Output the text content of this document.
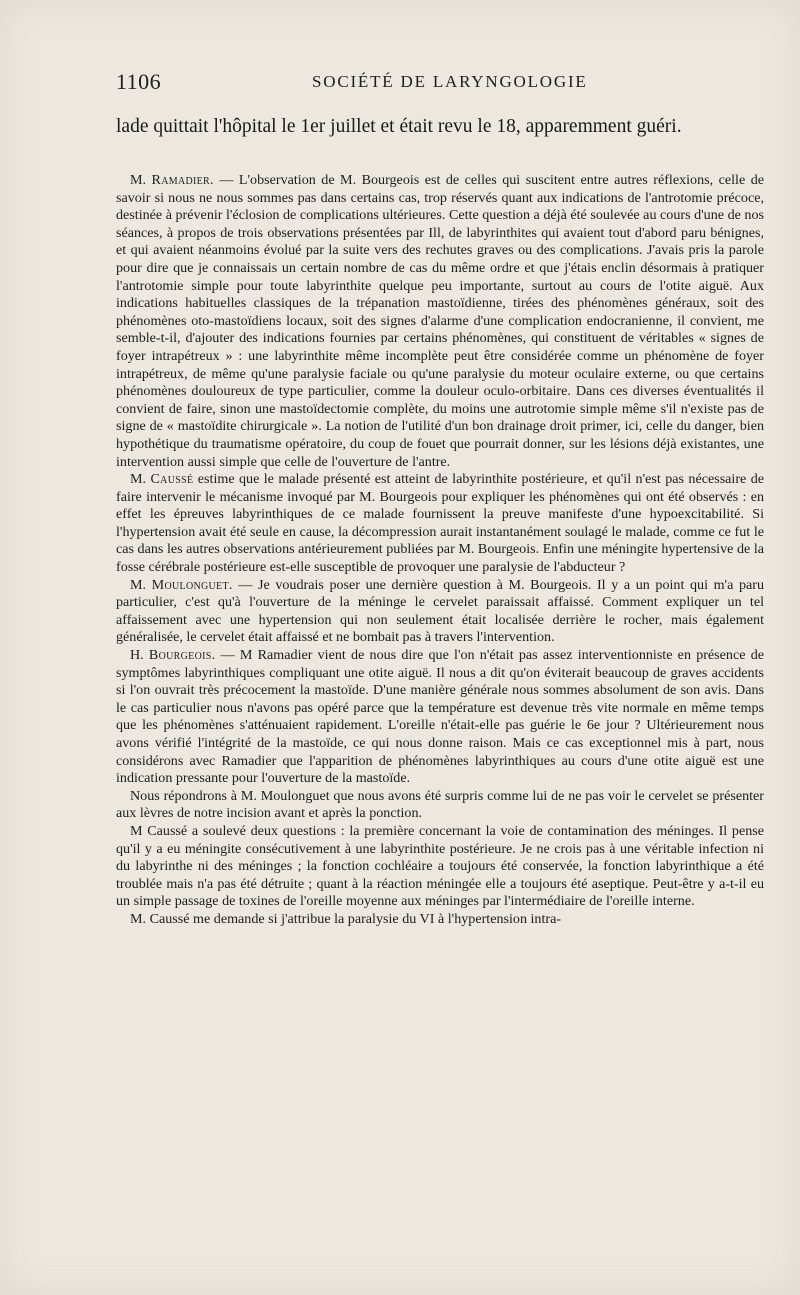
1106	SOCIÉTÉ DE LARYNGOLOGIE

lade quittait l'hôpital le 1er juillet et était revu le 18, apparemment guéri.

M. Ramadier. — L'observation de M. Bourgeois est de celles qui suscitent entre autres réflexions, celle de savoir si nous ne nous sommes pas dans certains cas, trop réservés quant aux indications de l'antrotomie précoce, destinée à prévenir l'éclosion de complications ultérieures. Cette question a déjà été soulevée au cours d'une de nos séances, à propos de trois observations présentées par Ill, de labyrinthites qui avaient tout d'abord paru bénignes, et qui avaient néanmoins évolué par la suite vers des rechutes graves ou des complications. J'avais pris la parole pour dire que je connaissais un certain nombre de cas du même ordre et que j'étais enclin désormais à pratiquer l'antrotomie simple pour toute labyrinthite quelque peu importante, surtout au cours de l'otite aiguë. Aux indications habituelles classiques de la trépanation mastoïdienne, tirées des phénomènes généraux, soit des phénomènes oto-mastoïdiens locaux, soit des signes d'alarme d'une complication endocranienne, il convient, me semble-t-il, d'ajouter des indications fournies par certains phénomènes, qui constituent de véritables « signes de foyer intrapétreux » : une labyrinthite même incomplète peut être considérée comme un phénomène de foyer intrapétreux, de même qu'une paralysie faciale ou qu'une paralysie du moteur oculaire externe, ou que certains phénomènes douloureux de type particulier, comme la douleur oculo-orbitaire. Dans ces diverses éventualités il convient de faire, sinon une mastoïdectomie complète, du moins une autrotomie simple même s'il n'existe pas de signe de « mastoïdite chirurgicale ». La notion de l'utilité d'un bon drainage droit primer, ici, celle du danger, bien hypothétique du traumatisme opératoire, du coup de fouet que pourrait donner, sur les lésions déjà existantes, une intervention aussi simple que celle de l'ouverture de l'antre.

M. Caussé estime que le malade présenté est atteint de labyrinthite postérieure, et qu'il n'est pas nécessaire de faire intervenir le mécanisme invoqué par M. Bourgeois pour expliquer les phénomènes qui ont été observés : en effet les épreuves labyrinthiques de ce malade fournissent la preuve manifeste d'une hypoexcitabilité. Si l'hypertension avait été seule en cause, la décompression aurait instantanément soulagé le malade, comme ce fut le cas dans les autres observations antérieurement publiées par M. Bourgeois. Enfin une méningite hypertensive de la fosse cérébrale postérieure est-elle susceptible de provoquer une paralysie de l'abducteur ?

M. Moulonguet. — Je voudrais poser une dernière question à M. Bourgeois. Il y a un point qui m'a paru particulier, c'est qu'à l'ouverture de la méninge le cervelet paraissait affaissé. Comment expliquer un tel affaissement avec une hypertension qui non seulement était localisée derrière le rocher, mais également généralisée, le cervelet était affaissé et ne bombait pas à travers l'intervention.

H. Bourgeois. — M Ramadier vient de nous dire que l'on n'était pas assez interventionniste en présence de symptômes labyrinthiques compliquant une otite aiguë. Il nous a dit qu'on éviterait beaucoup de graves accidents si l'on ouvrait très précocement la mastoïde. D'une manière générale nous sommes absolument de son avis. Dans le cas particulier nous n'avons pas opéré parce que la température est devenue très vite normale en même temps que les phénomènes s'atténuaient rapidement. L'oreille n'était-elle pas guérie le 6e jour ? Ultérieurement nous avons vérifié l'intégrité de la mastoïde, ce qui nous donne raison. Mais ce cas exceptionnel mis à part, nous considérons avec Ramadier que l'apparition de phénomènes labyrinthiques au cours d'une otite aiguë est une indication pressante pour l'ouverture de la mastoïde.

Nous répondrons à M. Moulonguet que nous avons été surpris comme lui de ne pas voir le cervelet se présenter aux lèvres de notre incision avant et après la ponction.

M Caussé a soulevé deux questions : la première concernant la voie de contamination des méninges. Il pense qu'il y a eu méningite consécutivement à une labyrinthite postérieure. Je ne crois pas à une véritable infection ni du labyrinthe ni des méninges ; la fonction cochléaire a toujours été conservée, la fonction labyrinthique a été troublée mais n'a pas été détruite ; quant à la réaction méningée elle a toujours été aseptique. Peut-être y a-t-il eu un simple passage de toxines de l'oreille moyenne aux méninges par l'intermédiaire de l'oreille interne.

M. Caussé me demande si j'attribue la paralysie du VI à l'hypertension intra-
